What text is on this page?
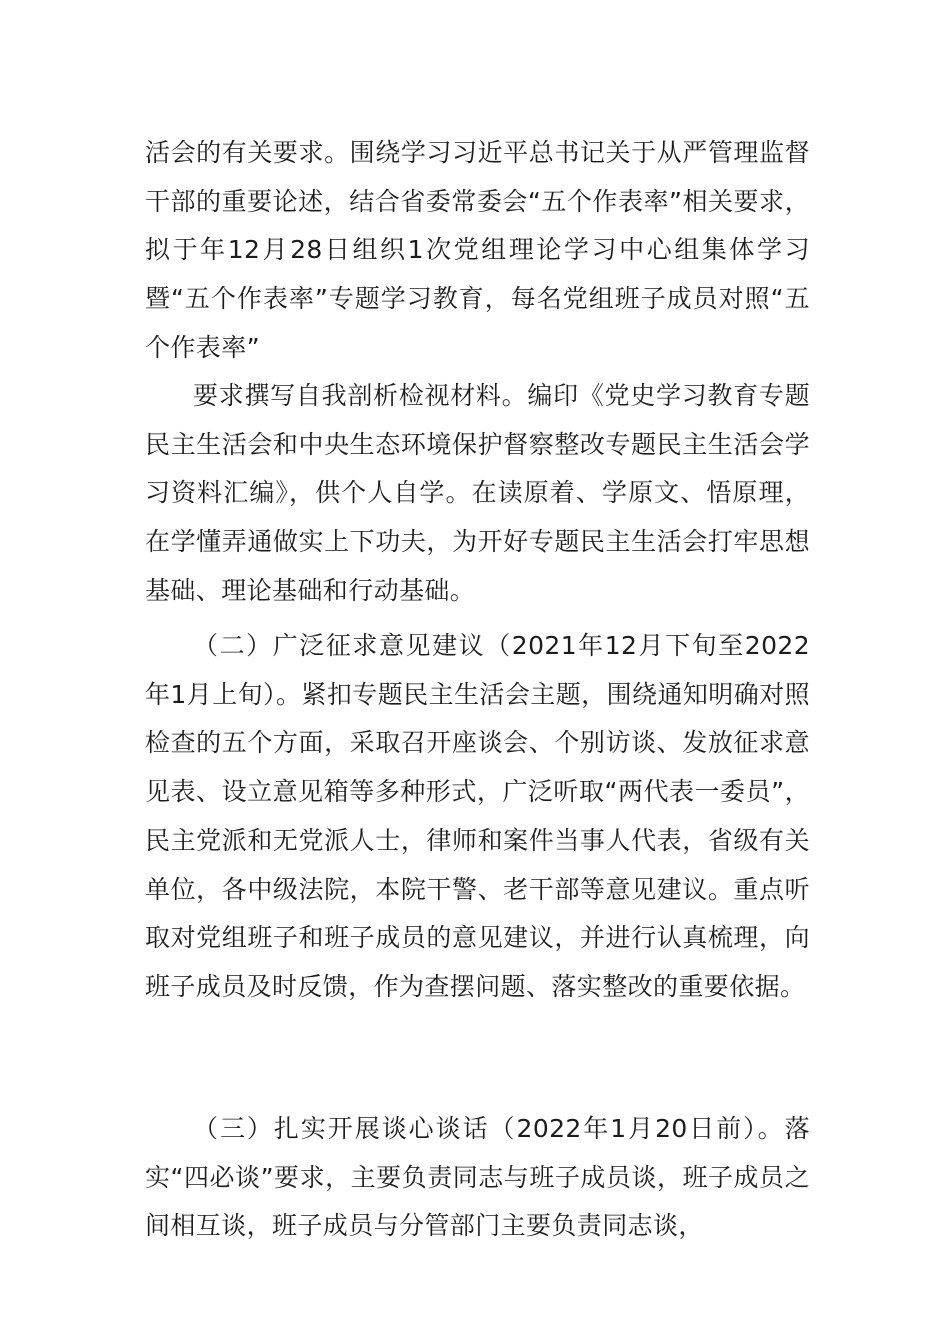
活会的有关要求。围绕学习习近平总书记关于从严管理监督干部的重要论述，结合省委常委会“五个作表率”相关要求，拟于年12月28日组织1次党组理论学习中心组集体学习暨“五个作表率”专题学习教育，每名党组班子成员对照“五个作表率”

要求撰写自我剖析检视材料。编印《党史学习教育专题民主生活会和中央生态环境保护督察整改专题民主生活会学习资料汇编》，供个人自学。在读原着、学原文、悟原理，在学懂弄通做实上下功夫，为开好专题民主生活会打牢思想基础、理论基础和行动基础。

（二）广泛征求意见建议（2021年12月下旬至2022年1月上旬）。紧扣专题民主生活会主题，围绕通知明确对照检查的五个方面，采取召开座谈会、个别访谈、发放征求意见表、设立意见箱等多种形式，广泛听取“两代表一委员”，民主党派和无党派人士，律师和案件当事人代表，省级有关单位，各中级法院，本院干警、老干部等意见建议。重点听取对党组班子和班子成员的意见建议，并进行认真梳理，向班子成员及时反馈，作为查摆问题、落实整改的重要依据。

（三）扎实开展谈心谈话（2022年1月20日前）。落实“四必谈”要求，主要负责同志与班子成员谈，班子成员之间相互谈，班子成员与分管部门主要负责同志谈，
